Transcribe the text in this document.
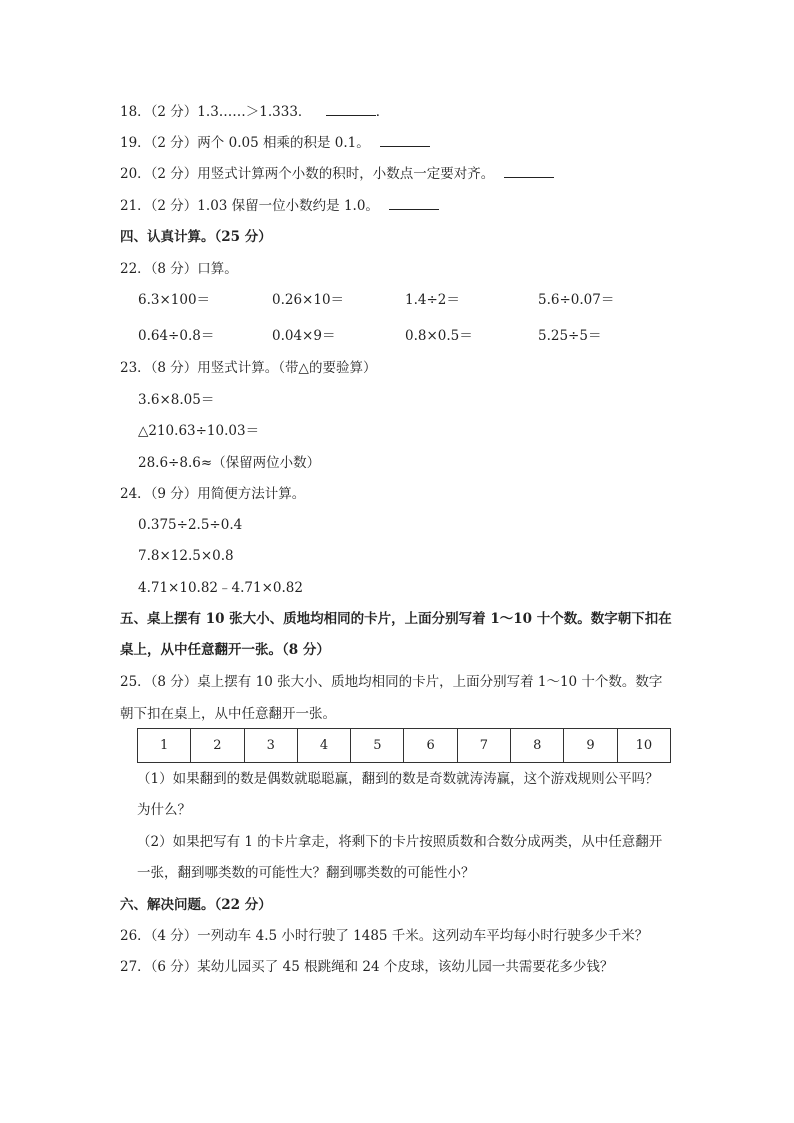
18．（2 分）1.3……＞1.333．	．
19．（2 分）两个 0.05 相乘的积是 0.1。
20．（2 分）用竖式计算两个小数的积时，小数点一定要对齐。
21．（2 分）1.03 保留一位小数约是 1.0。
四、认真计算。（25 分）
22．（8 分）口算。
6.3×100＝	0.26×10＝	1.4÷2＝	5.6÷0.07＝
0.64÷0.8＝	0.04×9＝	0.8×0.5＝	5.25÷5＝
23．（8 分）用竖式计算。（带△的要验算）
3.6×8.05＝
△210.63÷10.03＝
28.6÷8.6≈（保留两位小数）
24．（9 分）用简便方法计算。
0.375÷2.5÷0.4
7.8×12.5×0.8
4.71×10.82﹣4.71×0.82
五、桌上摆有 10 张大小、质地均相同的卡片，上面分别写着 1～10 十个数。数字朝下扣在
桌上，从中任意翻开一张。（8 分）
25．（8 分）桌上摆有 10 张大小、质地均相同的卡片，上面分别写着 1～10 十个数。数字
朝下扣在桌上，从中任意翻开一张。
1	2	3	4	5	6	7	8	9	10
（1）如果翻到的数是偶数就聪聪赢，翻到的数是奇数就涛涛赢，这个游戏规则公平吗？
为什么？
（2）如果把写有 1 的卡片拿走，将剩下的卡片按照质数和合数分成两类，从中任意翻开
一张，翻到哪类数的可能性大？翻到哪类数的可能性小？
六、解决问题。（22 分）
26．（4 分）一列动车 4.5 小时行驶了 1485 千米。这列动车平均每小时行驶多少千米？
27．（6 分）某幼儿园买了 45 根跳绳和 24 个皮球，该幼儿园一共需要花多少钱？
